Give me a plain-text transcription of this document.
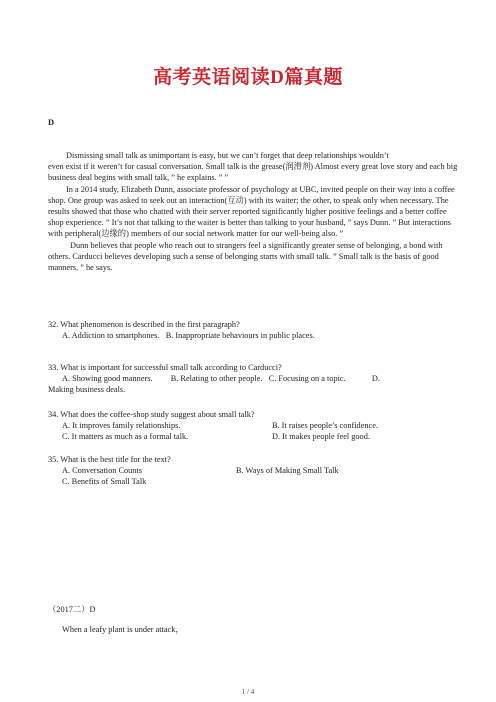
高考英语阅读D篇真题
D

Dismissing small talk as unimportant is easy, but we can’t forget that deep relationships wouldn’t

even exist if it weren’t for casual conversation. Small talk is the grease(润滑剂) Almost every great love story and each big business deal begins with small talk, ” he explains. ” ”

In a 2014 study, Elizabeth Dunn, associate professor of psychology at UBC, invited people on their way into a coffee shop. One group was asked to seek out an interaction(互动) with its waiter; the other, to speak only when necessary. The results showed that those who chatted with their server reported significantly higher positive feelings and a better coffee shop experience. ” It’s not that talking to the waiter is better than talking to your husband, ” says Dunn. ” But interactions with peripheral(边缘的) members of our social network matter for our well-being also. ”

Dunn believes that people who reach out to strangers feel a significantly greater sense of belonging, a bond with others. Carducci believes developing such a sense of belonging starts with small talk. ” Small talk is the basis of good manners, ” he says.

32. What phenomenon is described in the first paragraph?
A. Addiction to smartphones. B. Inappropriate behaviours in public places.
33. What is important for successful small talk according to Carducci?
A. Showing good manners. B. Relating to other people. C. Focusing on a topic.	D.
Making business deals.
34. What does the coffee-shop study suggest about small talk?
A. It improves family relationships.	B. It raises people’s confidence.
C. It matters as much as a formal talk.	D. It makes people feel good.
35. What is the best title for the text?
A. Conversation Counts	B. Ways of Making Small Talk
C. Benefits of Small Talk
（2017二）D
When a leafy plant is under attack，
1 / 4
